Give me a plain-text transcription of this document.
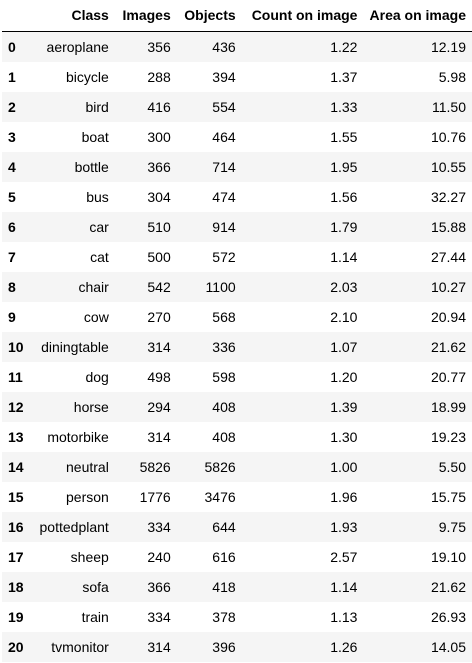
	Class	Images	Objects	Count on image	Area on image
0	aeroplane	356	436	1.22	12.19
1	bicycle	288	394	1.37	5.98
2	bird	416	554	1.33	11.50
3	boat	300	464	1.55	10.76
4	bottle	366	714	1.95	10.55
5	bus	304	474	1.56	32.27
6	car	510	914	1.79	15.88
7	cat	500	572	1.14	27.44
8	chair	542	1100	2.03	10.27
9	cow	270	568	2.10	20.94
10	diningtable	314	336	1.07	21.62
11	dog	498	598	1.20	20.77
12	horse	294	408	1.39	18.99
13	motorbike	314	408	1.30	19.23
14	neutral	5826	5826	1.00	5.50
15	person	1776	3476	1.96	15.75
16	pottedplant	334	644	1.93	9.75
17	sheep	240	616	2.57	19.10
18	sofa	366	418	1.14	21.62
19	train	334	378	1.13	26.93
20	tvmonitor	314	396	1.26	14.05
